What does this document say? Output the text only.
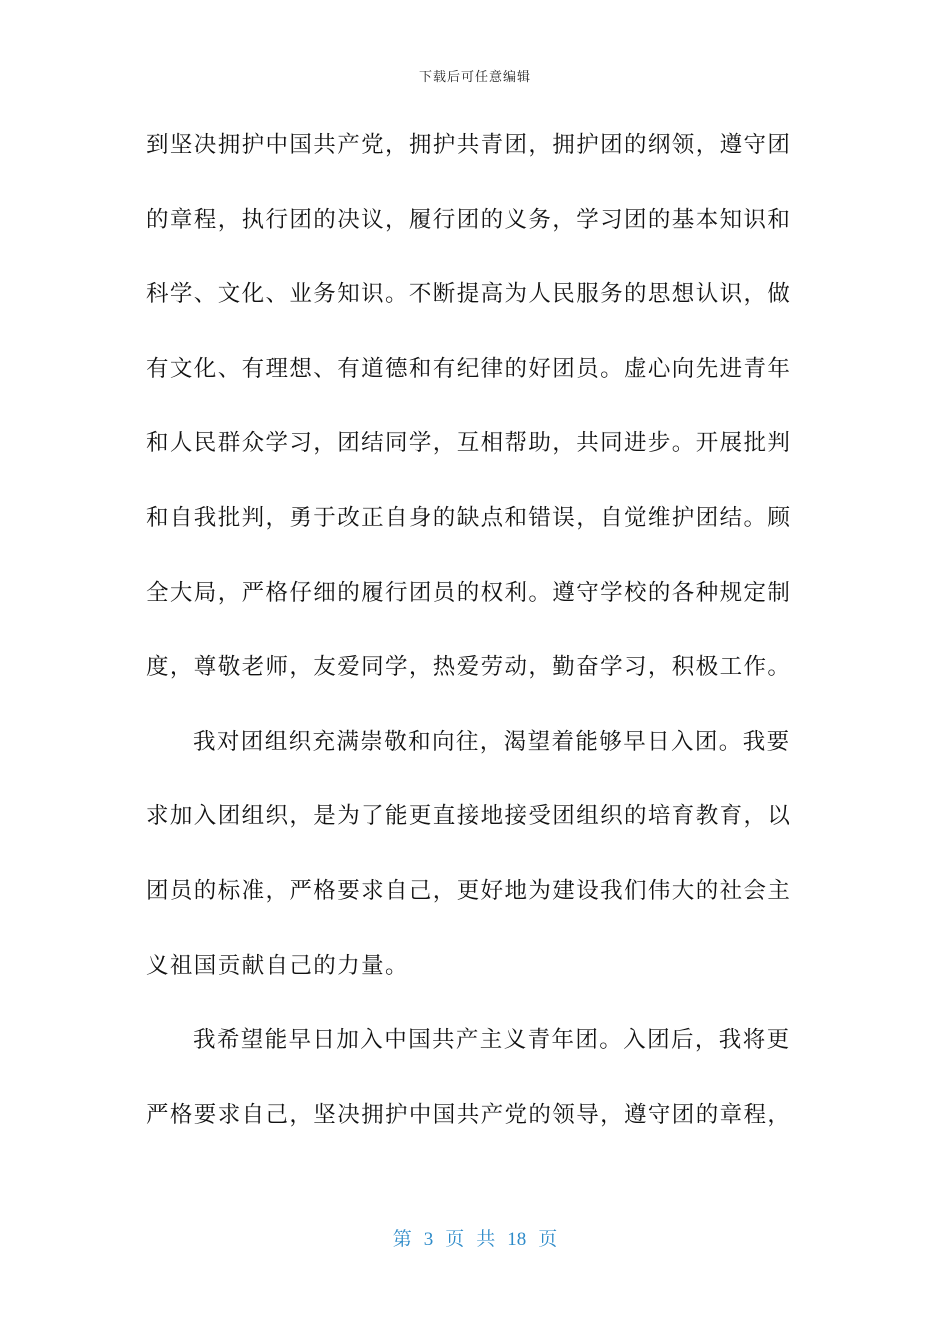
下载后可任意编辑
到坚决拥护中国共产党，拥护共青团，拥护团的纲领，遵守团
的章程，执行团的决议，履行团的义务，学习团的基本知识和
科学、文化、业务知识。不断提高为人民服务的思想认识，做
有文化、有理想、有道德和有纪律的好团员。虚心向先进青年
和人民群众学习，团结同学，互相帮助，共同进步。开展批判
和自我批判，勇于改正自身的缺点和错误，自觉维护团结。顾
全大局，严格仔细的履行团员的权利。遵守学校的各种规定制
度，尊敬老师，友爱同学，热爱劳动，勤奋学习，积极工作。
我对团组织充满崇敬和向往，渴望着能够早日入团。我要
求加入团组织，是为了能更直接地接受团组织的培育教育，以
团员的标准，严格要求自己，更好地为建设我们伟大的社会主
义祖国贡献自己的力量。
我希望能早日加入中国共产主义青年团。入团后，我将更
严格要求自己，坚决拥护中国共产党的领导，遵守团的章程，
第 3 页 共 18 页
